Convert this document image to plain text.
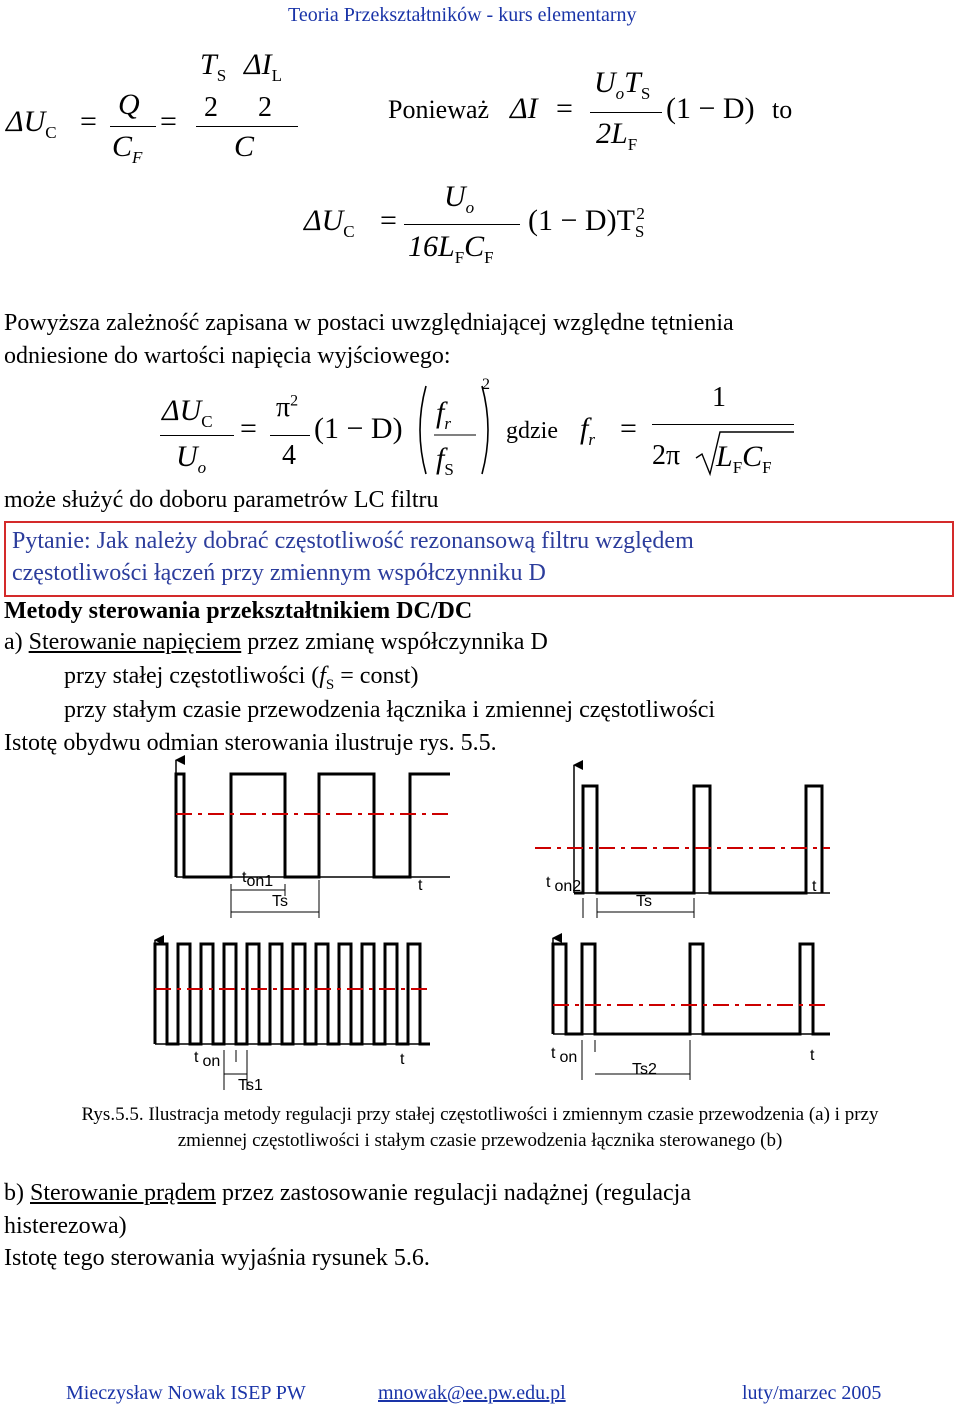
Teoria Przekształtników - kurs elementarny
$\Delta U_C$ =
Q
$C_F$
=
$T_S$ $\Delta I_L$
2 2
C
Ponieważ ΔI =
$U_oT_S$
$2L_F$
(1 − D) to
$\Delta U_C$ =
$U_o$
$16L_FC_F$
$(1 - D)T_S^2$
Powyższa zależność zapisana w postaci uwzględniającej względne tętnienia
odniesione do wartości napięcia wyjściowego:
$\Delta U_C$
$U_o$
=
$\pi^2$
4
(1 − D) $f_r$
$f_S$
2
gdzie $f_r$ =
1
2π $L_FC_F$
może służyć do doboru parametrów LC filtru
Pytanie: Jak należy dobrać częstotliwość rezonansową filtru względem
częstotliwości łączeń przy zmiennym współczynniku D
Metody sterowania przekształtnikiem DC/DC
a) Sterowanie napięciem przez zmianę współczynnika D
przy stałej częstotliwości ($f_S$ = const)
przy stałym czasie przewodzenia łącznika i zmiennej częstotliwości
Istotę obydwu odmian sterowania ilustruje rys. 5.5.
ton1
Ts
t	t on2
Ts
t
t on
Ts1
t	t on
Ts2
t
Rys.5.5. Ilustracja metody regulacji przy stałej częstotliwości i zmiennym czasie przewodzenia (a) i przy
zmiennej częstotliwości i stałym czasie przewodzenia łącznika sterowanego (b)
b) Sterowanie prądem przez zastosowanie regulacji nadążnej (regulacja
histerezowa)
Istotę tego sterowania wyjaśnia rysunek 5.6.
Mieczysław Nowak ISEP PW	mnowak@ee.pw.edu.pl	luty/marzec 2005
